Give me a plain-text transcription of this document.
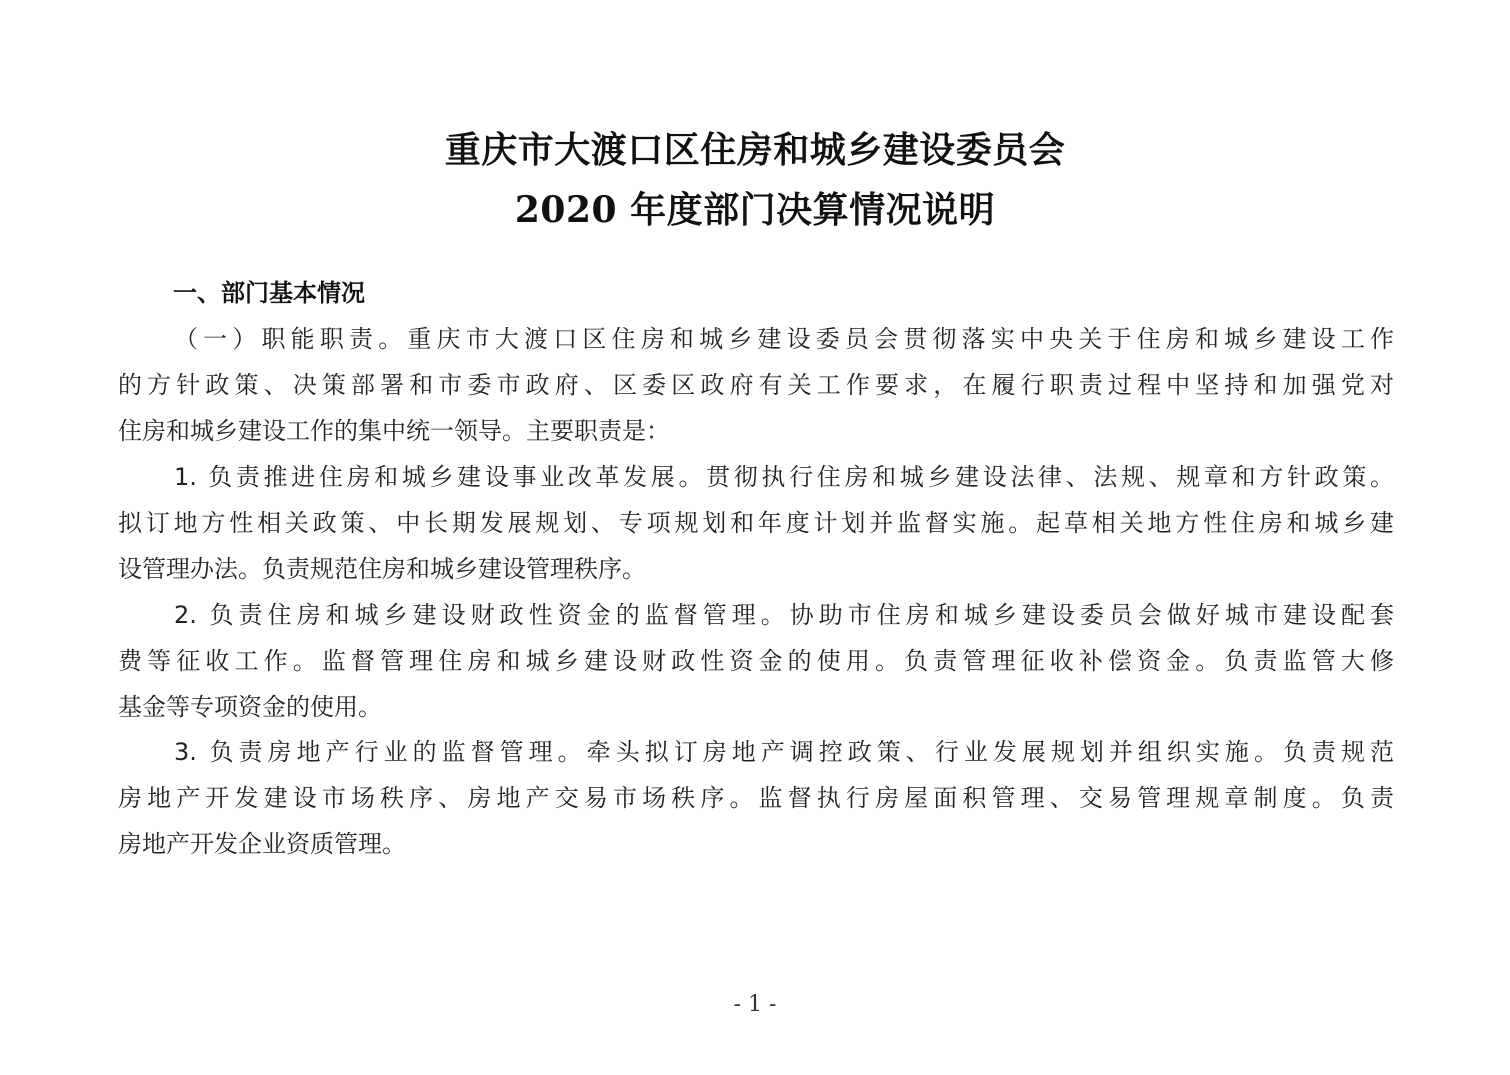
重庆市大渡口区住房和城乡建设委员会
2020 年度部门决算情况说明
一、部门基本情况

（一）职能职责。重庆市大渡口区住房和城乡建设委员会贯彻落实中央关于住房和城乡建设工作
的方针政策、决策部署和市委市政府、区委区政府有关工作要求，在履行职责过程中坚持和加强党对
住房和城乡建设工作的集中统一领导。主要职责是：

1. 负责推进住房和城乡建设事业改革发展。贯彻执行住房和城乡建设法律、法规、规章和方针政策。
拟订地方性相关政策、中长期发展规划、专项规划和年度计划并监督实施。起草相关地方性住房和城乡建
设管理办法。负责规范住房和城乡建设管理秩序。

2. 负责住房和城乡建设财政性资金的监督管理。协助市住房和城乡建设委员会做好城市建设配套
费等征收工作。监督管理住房和城乡建设财政性资金的使用。负责管理征收补偿资金。负责监管大修
基金等专项资金的使用。

3. 负责房地产行业的监督管理。牵头拟订房地产调控政策、行业发展规划并组织实施。负责规范
房地产开发建设市场秩序、房地产交易市场秩序。监督执行房屋面积管理、交易管理规章制度。负责
房地产开发企业资质管理。

- 1 -
